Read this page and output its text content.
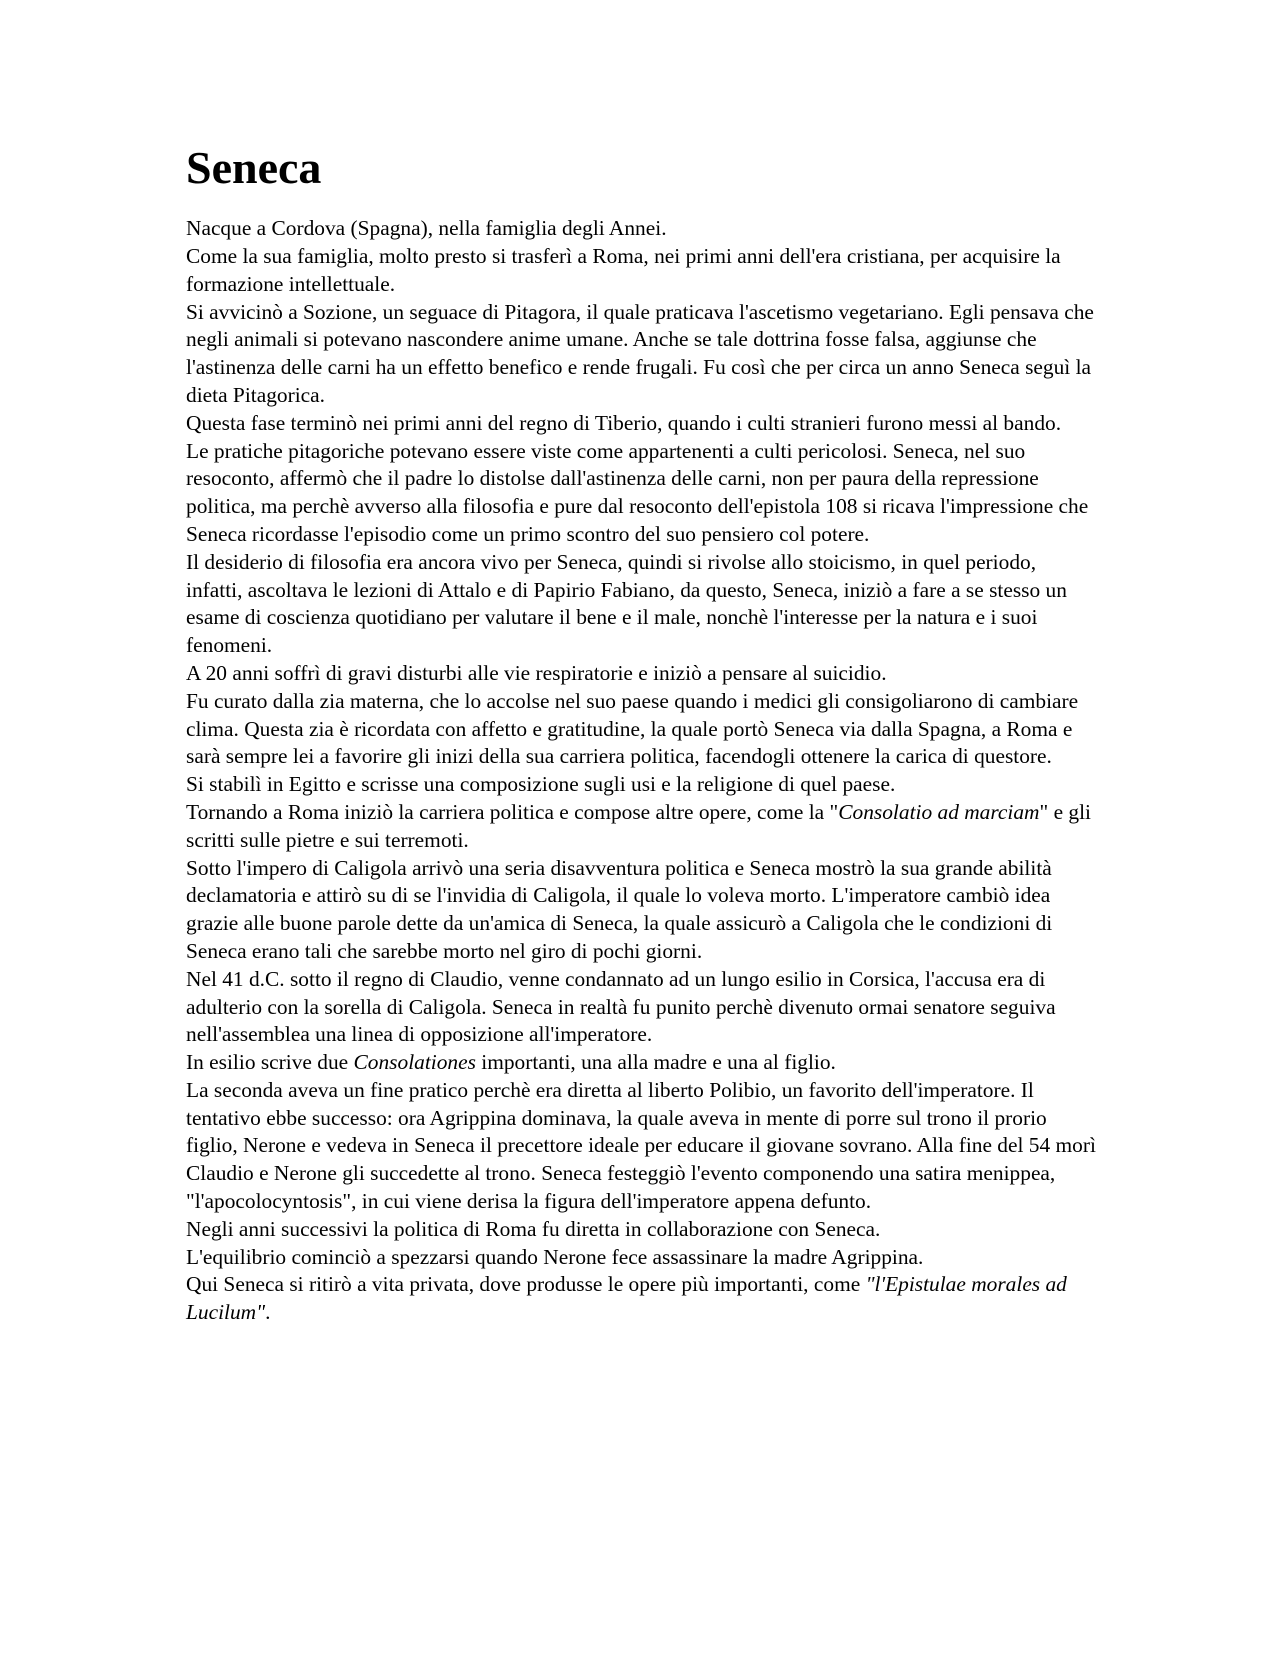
Seneca
Nacque a Cordova (Spagna), nella famiglia degli Annei.
Come la sua famiglia, molto presto si trasferì a Roma, nei primi anni dell'era cristiana, per acquisire la formazione intellettuale.
Si avvicinò a Sozione, un seguace di Pitagora, il quale praticava l'ascetismo vegetariano. Egli pensava che negli animali si potevano nascondere anime umane. Anche se tale dottrina fosse falsa, aggiunse che l'astinenza delle carni ha un effetto benefico e rende frugali. Fu così che per circa un anno Seneca seguì la dieta Pitagorica.
Questa fase terminò nei primi anni del regno di Tiberio, quando i culti stranieri furono messi al bando.
Le pratiche pitagoriche potevano essere viste come appartenenti a culti pericolosi. Seneca, nel suo resoconto, affermò che il padre lo distolse dall'astinenza delle carni, non per paura della repressione politica, ma perchè avverso alla filosofia e pure dal resoconto dell'epistola 108 si ricava l'impressione che Seneca ricordasse l'episodio come un primo scontro del suo pensiero col potere.
Il desiderio di filosofia era ancora vivo per Seneca, quindi si rivolse allo stoicismo, in quel periodo, infatti, ascoltava le lezioni di Attalo e di Papirio Fabiano, da questo, Seneca, iniziò a fare a se stesso un esame di coscienza quotidiano per valutare il bene e il male, nonchè l'interesse per la natura e i suoi fenomeni.
A 20 anni soffrì di gravi disturbi alle vie respiratorie e iniziò a pensare al suicidio.
Fu curato dalla zia materna, che lo accolse nel suo paese quando i medici gli consigoliarono di cambiare clima. Questa zia è ricordata con affetto e gratitudine, la quale portò Seneca via dalla Spagna, a Roma e sarà sempre lei a favorire gli inizi della sua carriera politica, facendogli ottenere la carica di questore.
Si stabilì in Egitto e scrisse una composizione sugli usi e la religione di quel paese.
Tornando a Roma iniziò la carriera politica e compose altre opere, come la "Consolatio ad marciam" e gli scritti sulle pietre e sui terremoti.
Sotto l'impero di Caligola arrivò una seria disavventura politica e Seneca mostrò la sua grande abilità declamatoria e attirò su di se l'invidia di Caligola, il quale lo voleva morto. L'imperatore cambiò idea grazie alle buone parole dette da un'amica di Seneca, la quale assicurò a Caligola che le condizioni di Seneca erano tali che sarebbe morto nel giro di pochi giorni.
Nel 41 d.C. sotto il regno di Claudio, venne condannato ad un lungo esilio in Corsica, l'accusa era di adulterio con la sorella di Caligola. Seneca in realtà fu punito perchè divenuto ormai senatore seguiva nell'assemblea una linea di opposizione all'imperatore.
In esilio scrive due Consolationes importanti, una alla madre e una al figlio.
La seconda aveva un fine pratico perchè era diretta al liberto Polibio, un favorito dell'imperatore. Il tentativo ebbe successo: ora Agrippina dominava, la quale aveva in mente di porre sul trono il prorio figlio, Nerone e vedeva in Seneca il precettore ideale per educare il giovane sovrano. Alla fine del 54 morì Claudio e Nerone gli succedette al trono. Seneca festeggiò l'evento componendo una satira menippea, "l'apocolocyntosis", in cui viene derisa la figura dell'imperatore appena defunto.
Negli anni successivi la politica di Roma fu diretta in collaborazione con Seneca.
L'equilibrio cominciò a spezzarsi quando Nerone fece assassinare la madre Agrippina.
Qui Seneca si ritirò a vita privata, dove produsse le opere più importanti, come "l'Epistulae morales ad Lucilum".
